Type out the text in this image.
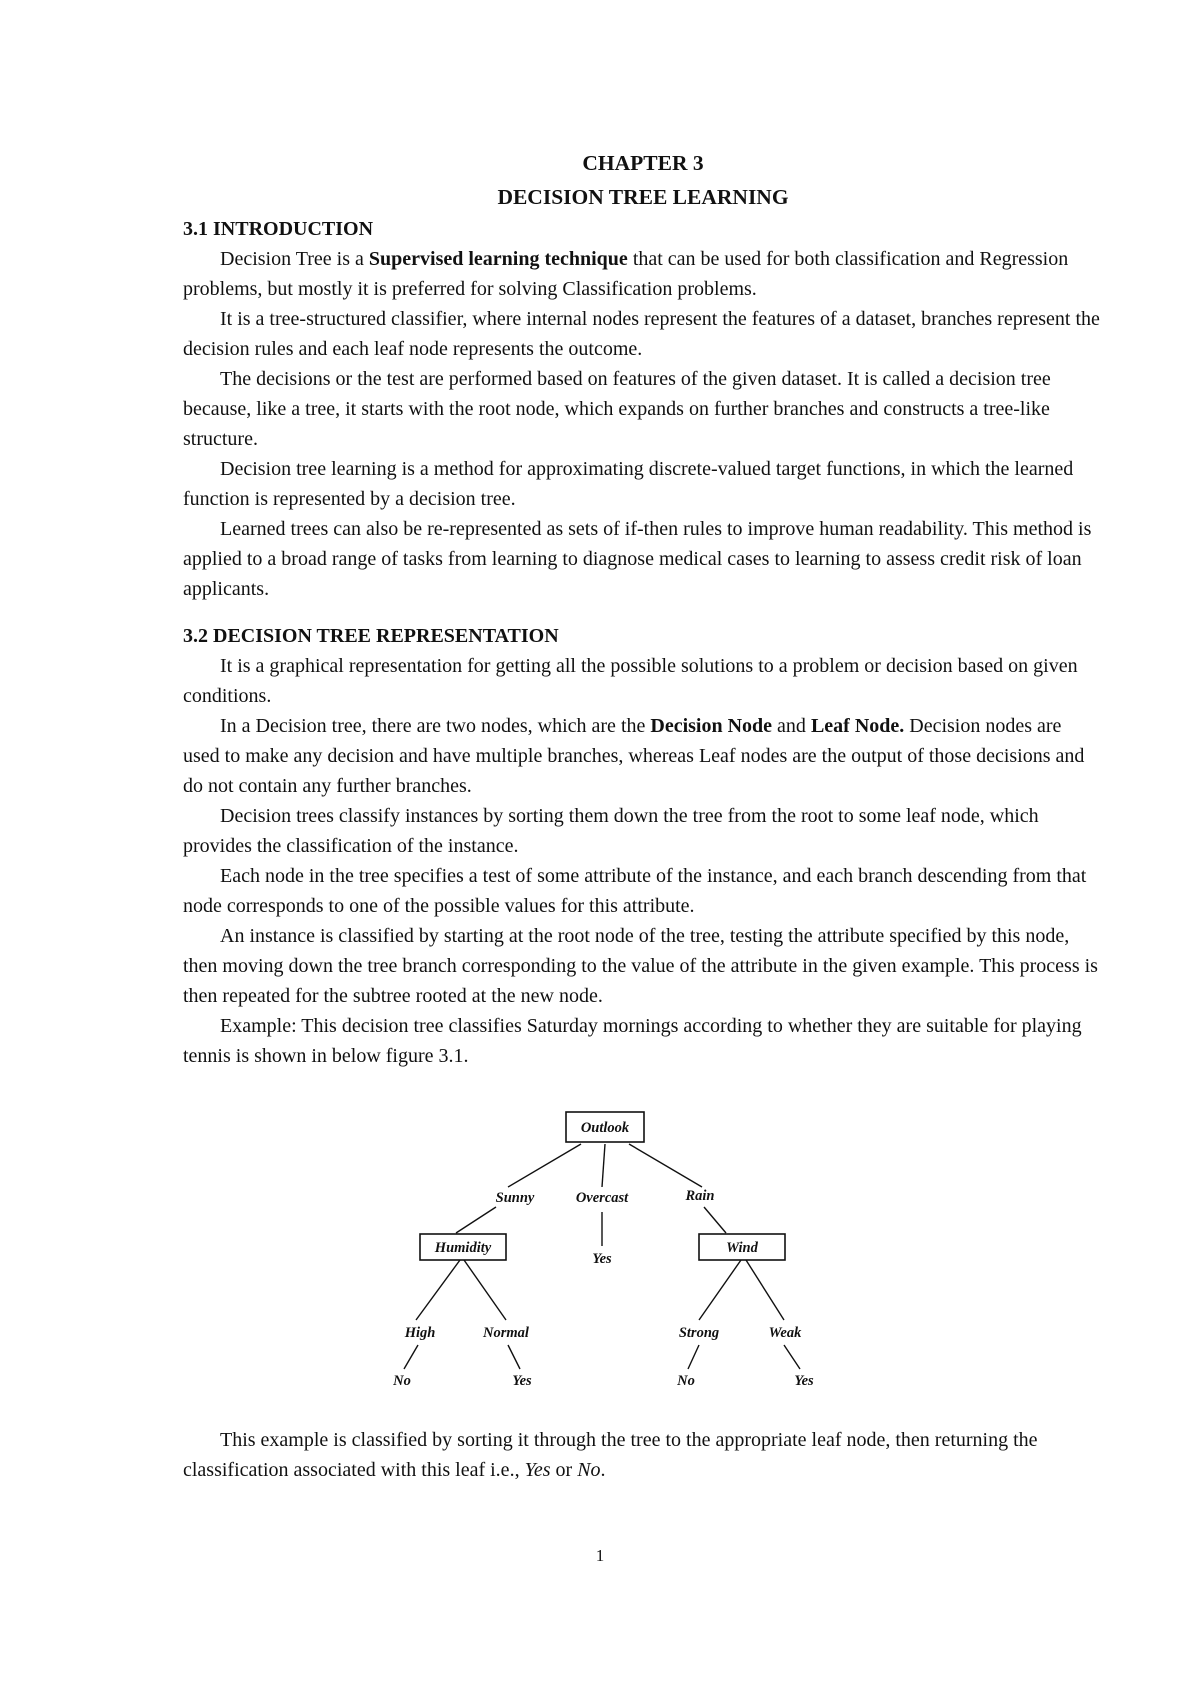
CHAPTER 3
DECISION TREE LEARNING
3.1 INTRODUCTION

Decision Tree is a Supervised learning technique that can be used for both classification and Regression problems, but mostly it is preferred for solving Classification problems.

It is a tree-structured classifier, where internal nodes represent the features of a dataset, branches represent the decision rules and each leaf node represents the outcome.

The decisions or the test are performed based on features of the given dataset. It is called a decision tree because, like a tree, it starts with the root node, which expands on further branches and constructs a tree-like structure.

Decision tree learning is a method for approximating discrete-valued target functions, in which the learned function is represented by a decision tree.

Learned trees can also be re-represented as sets of if-then rules to improve human readability. This method is applied to a broad range of tasks from learning to diagnose medical cases to learning to assess credit risk of loan applicants.

3.2 DECISION TREE REPRESENTATION

It is a graphical representation for getting all the possible solutions to a problem or decision based on given conditions.

In a Decision tree, there are two nodes, which are the Decision Node and Leaf Node. Decision nodes are used to make any decision and have multiple branches, whereas Leaf nodes are the output of those decisions and do not contain any further branches.

Decision trees classify instances by sorting them down the tree from the root to some leaf node, which provides the classification of the instance.

Each node in the tree specifies a test of some attribute of the instance, and each branch descending from that node corresponds to one of the possible values for this attribute.

An instance is classified by starting at the root node of the tree, testing the attribute specified by this node, then moving down the tree branch corresponding to the value of the attribute in the given example. This process is then repeated for the subtree rooted at the new node.

Example: This decision tree classifies Saturday mornings according to whether they are suitable for playing tennis is shown in below figure 3.1.

Outlook
Humidity	Wind
Sunny	Overcast	Rain
High	Normal	Strong	Weak
Yes
No	Yes	No	Yes

This example is classified by sorting it through the tree to the appropriate leaf node, then returning the classification associated with this leaf i.e., Yes or No.

1
